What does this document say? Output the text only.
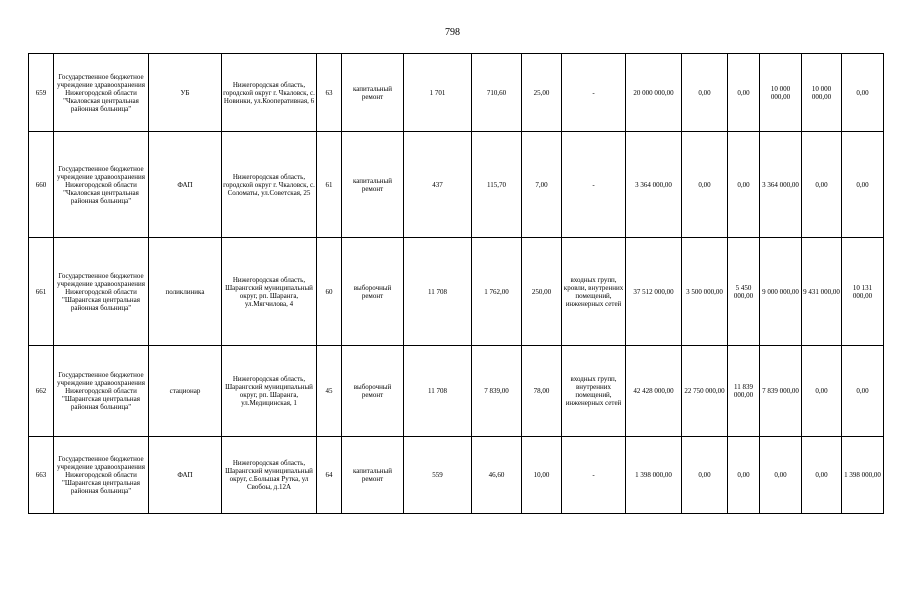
798
659	Государственное бюджетное учреждение здравоохранения Нижегородской области "Чкаловская центральная районная больница"	УБ	Нижегородская область, городской округ г. Чкаловск, с. Новинки, ул.Кооперативная, 6	63	капитальный ремонт	1 701	710,60	25,00	-	20 000 000,00	0,00	0,00	10 000 000,00	10 000 000,00	0,00
660	Государственное бюджетное учреждение здравоохранения Нижегородской области "Чкаловская центральная районная больница"	ФАП	Нижегородская область, городской округ г. Чкаловск, с. Соломаты, ул.Советская, 25	61	капитальный ремонт	437	115,70	7,00	-	3 364 000,00	0,00	0,00	3 364 000,00	0,00	0,00
661	Государственное бюджетное учреждение здравоохранения Нижегородской области "Шарангская центральная районная больница"	поликлиника	Нижегородская область, Шарангский муниципальный округ, рп. Шаранга, ул.Мягчилова, 4	60	выборочный ремонт	11 708	1 762,00	250,00	входных групп, кровли, внутренних помещений, инженерных сетей	37 512 000,00	3 500 000,00	5 450 000,00	9 000 000,00	9 431 000,00	10 131 000,00
662	Государственное бюджетное учреждение здравоохранения Нижегородской области "Шарангская центральная районная больница"	стационар	Нижегородская область, Шарангский муниципальный округ, рп. Шаранга, ул.Медицинская, 1	45	выборочный ремонт	11 708	7 839,00	78,00	входных групп, внутренних помещений, инженерных сетей	42 428 000,00	22 750 000,00	11 839 000,00	7 839 000,00	0,00	0,00
663	Государственное бюджетное учреждение здравоохранения Нижегородской области "Шарангская центральная районная больница"	ФАП	Нижегородская область, Шарангский муниципальный округ, с.Большая Рутка, ул Свобоы, д.12А	64	капитальный ремонт	559	46,60	10,00	-	1 398 000,00	0,00	0,00	0,00	0,00	1 398 000,00
